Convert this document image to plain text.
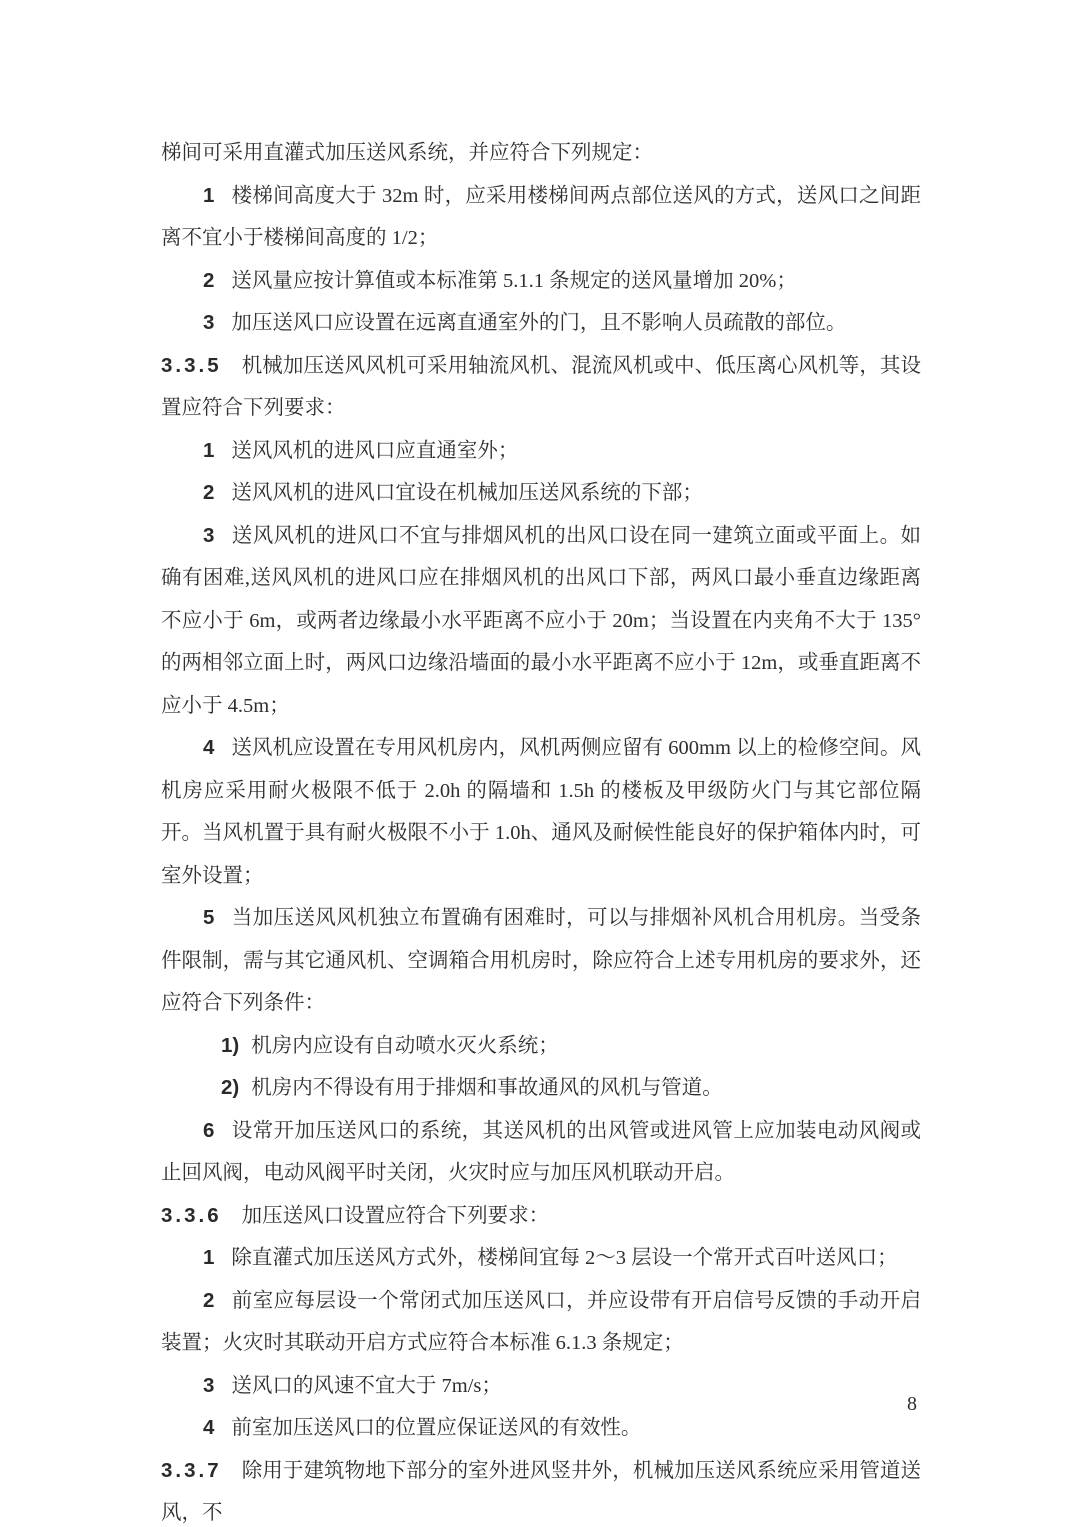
梯间可采用直灌式加压送风系统，并应符合下列规定：

1 楼梯间高度大于 32m 时，应采用楼梯间两点部位送风的方式，送风口之间距离不宜小于楼梯间高度的 1/2；

2 送风量应按计算值或本标准第 5.1.1 条规定的送风量增加 20%；

3 加压送风口应设置在远离直通室外的门，且不影响人员疏散的部位。

3.3.5 机械加压送风风机可采用轴流风机、混流风机或中、低压离心风机等，其设置应符合下列要求：

1 送风风机的进风口应直通室外；

2 送风风机的进风口宜设在机械加压送风系统的下部；

3 送风风机的进风口不宜与排烟风机的出风口设在同一建筑立面或平面上。如确有困难,送风风机的进风口应在排烟风机的出风口下部，两风口最小垂直边缘距离不应小于 6m，或两者边缘最小水平距离不应小于 20m；当设置在内夹角不大于 135° 的两相邻立面上时，两风口边缘沿墙面的最小水平距离不应小于 12m，或垂直距离不应小于 4.5m；

4 送风机应设置在专用风机房内，风机两侧应留有 600mm 以上的检修空间。风机房应采用耐火极限不低于 2.0h 的隔墙和 1.5h 的楼板及甲级防火门与其它部位隔开。当风机置于具有耐火极限不小于 1.0h、通风及耐候性能良好的保护箱体内时，可室外设置；

5 当加压送风风机独立布置确有困难时，可以与排烟补风机合用机房。当受条件限制，需与其它通风机、空调箱合用机房时，除应符合上述专用机房的要求外，还应符合下列条件：

1) 机房内应设有自动喷水灭火系统；

2) 机房内不得设有用于排烟和事故通风的风机与管道。

6 设常开加压送风口的系统，其送风机的出风管或进风管上应加装电动风阀或止回风阀，电动风阀平时关闭，火灾时应与加压风机联动开启。

3.3.6 加压送风口设置应符合下列要求：

1 除直灌式加压送风方式外，楼梯间宜每 2～3 层设一个常开式百叶送风口；

2 前室应每层设一个常闭式加压送风口，并应设带有开启信号反馈的手动开启装置；火灾时其联动开启方式应符合本标准 6.1.3 条规定；

3 送风口的风速不宜大于 7m/s；

4 前室加压送风口的位置应保证送风的有效性。

3.3.7 除用于建筑物地下部分的室外进风竖井外，机械加压送风系统应采用管道送风，不

8
